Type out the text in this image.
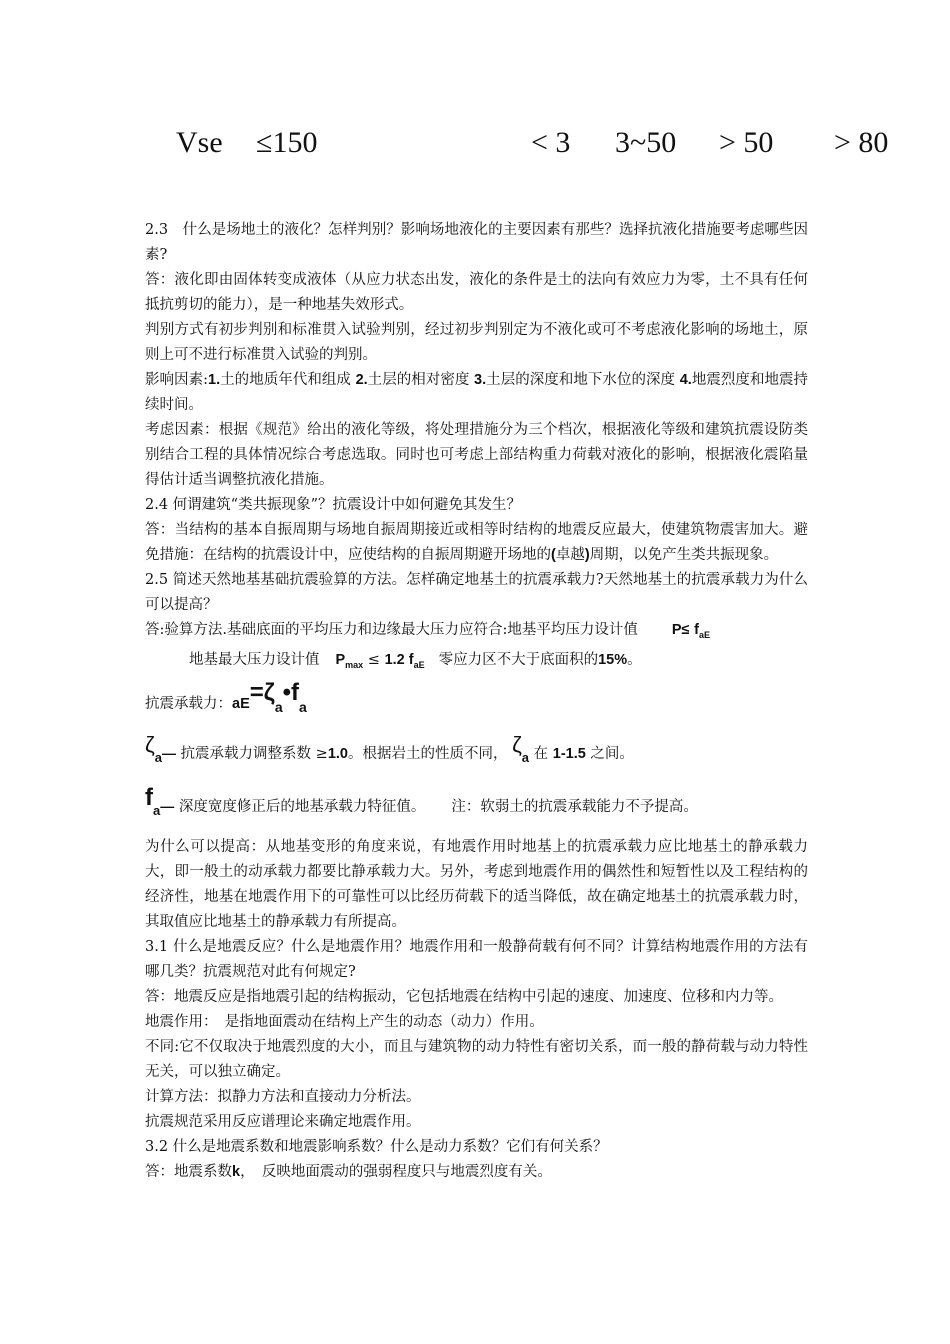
Vse ≤150	< 3 3~50 > 50 > 80

2.3　什么是场地土的液化？怎样判别？影响场地液化的主要因素有那些？选择抗液化措施要考虑哪些因素?

答：液化即由固体转变成液体（从应力状态出发，液化的条件是土的法向有效应力为零，土不具有任何抵抗剪切的能力），是一种地基失效形式。

判别方式有初步判别和标准贯入试验判别，经过初步判别定为不液化或可不考虑液化影响的场地土，原则上可不进行标准贯入试验的判别。

影响因素:1.土的地质年代和组成 2.土层的相对密度 3.土层的深度和地下水位的深度 4.地震烈度和地震持续时间。

考虑因素：根据《规范》给出的液化等级，将处理措施分为三个档次，根据液化等级和建筑抗震设防类别结合工程的具体情况综合考虑选取。同时也可考虑上部结构重力荷载对液化的影响，根据液化震陷量得估计适当调整抗液化措施。

2.4 何谓建筑“类共振现象”？抗震设计中如何避免其发生？

答：当结构的基本自振周期与场地自振周期接近或相等时结构的地震反应最大，使建筑物震害加大。避免措施：在结构的抗震设计中，应使结构的自振周期避开场地的(卓越)周期，以免产生类共振现象。

2.5 简述天然地基基础抗震验算的方法。怎样确定地基土的抗震承载力?天然地基土的抗震承载力为什么可以提高？

答:验算方法.基础底面的平均压力和边缘最大压力应符合:地基平均压力设计值 $P\le f_{aE}$

地基最大压力设计值 $P_{max} \le 1.2$ $f_{aE}$ 零应力区不大于底面积的15%。

抗震承载力：$aE=\zeta_a•f_a$

$\zeta_a—$ 抗震承载力调整系数 ≥1.0。根据岩土的性质不同， $\zeta_a$ 在 1-1.5 之间。

$f_a—$ 深度宽度修正后的地基承载力特征值。 注：软弱土的抗震承载能力不予提高。

为什么可以提高：从地基变形的角度来说，有地震作用时地基上的抗震承载力应比地基土的静承载力大，即一般土的动承载力都要比静承载力大。另外，考虑到地震作用的偶然性和短暂性以及工程结构的经济性，地基在地震作用下的可靠性可以比经历荷载下的适当降低，故在确定地基土的抗震承载力时，其取值应比地基土的静承载力有所提高。

3.1 什么是地震反应？什么是地震作用？地震作用和一般静荷载有何不同？计算结构地震作用的方法有哪几类？抗震规范对此有何规定?

答：地震反应是指地震引起的结构振动，它包括地震在结构中引起的速度、加速度、位移和内力等。

地震作用：　是指地面震动在结构上产生的动态（动力）作用。

不同:它不仅取决于地震烈度的大小，而且与建筑物的动力特性有密切关系，而一般的静荷载与动力特性无关，可以独立确定。

计算方法：拟静力方法和直接动力分析法。

抗震规范采用反应谱理论来确定地震作用。

3.2 什么是地震系数和地震影响系数？什么是动力系数？它们有何关系？

答：地震系数k，　反映地面震动的强弱程度只与地震烈度有关。
